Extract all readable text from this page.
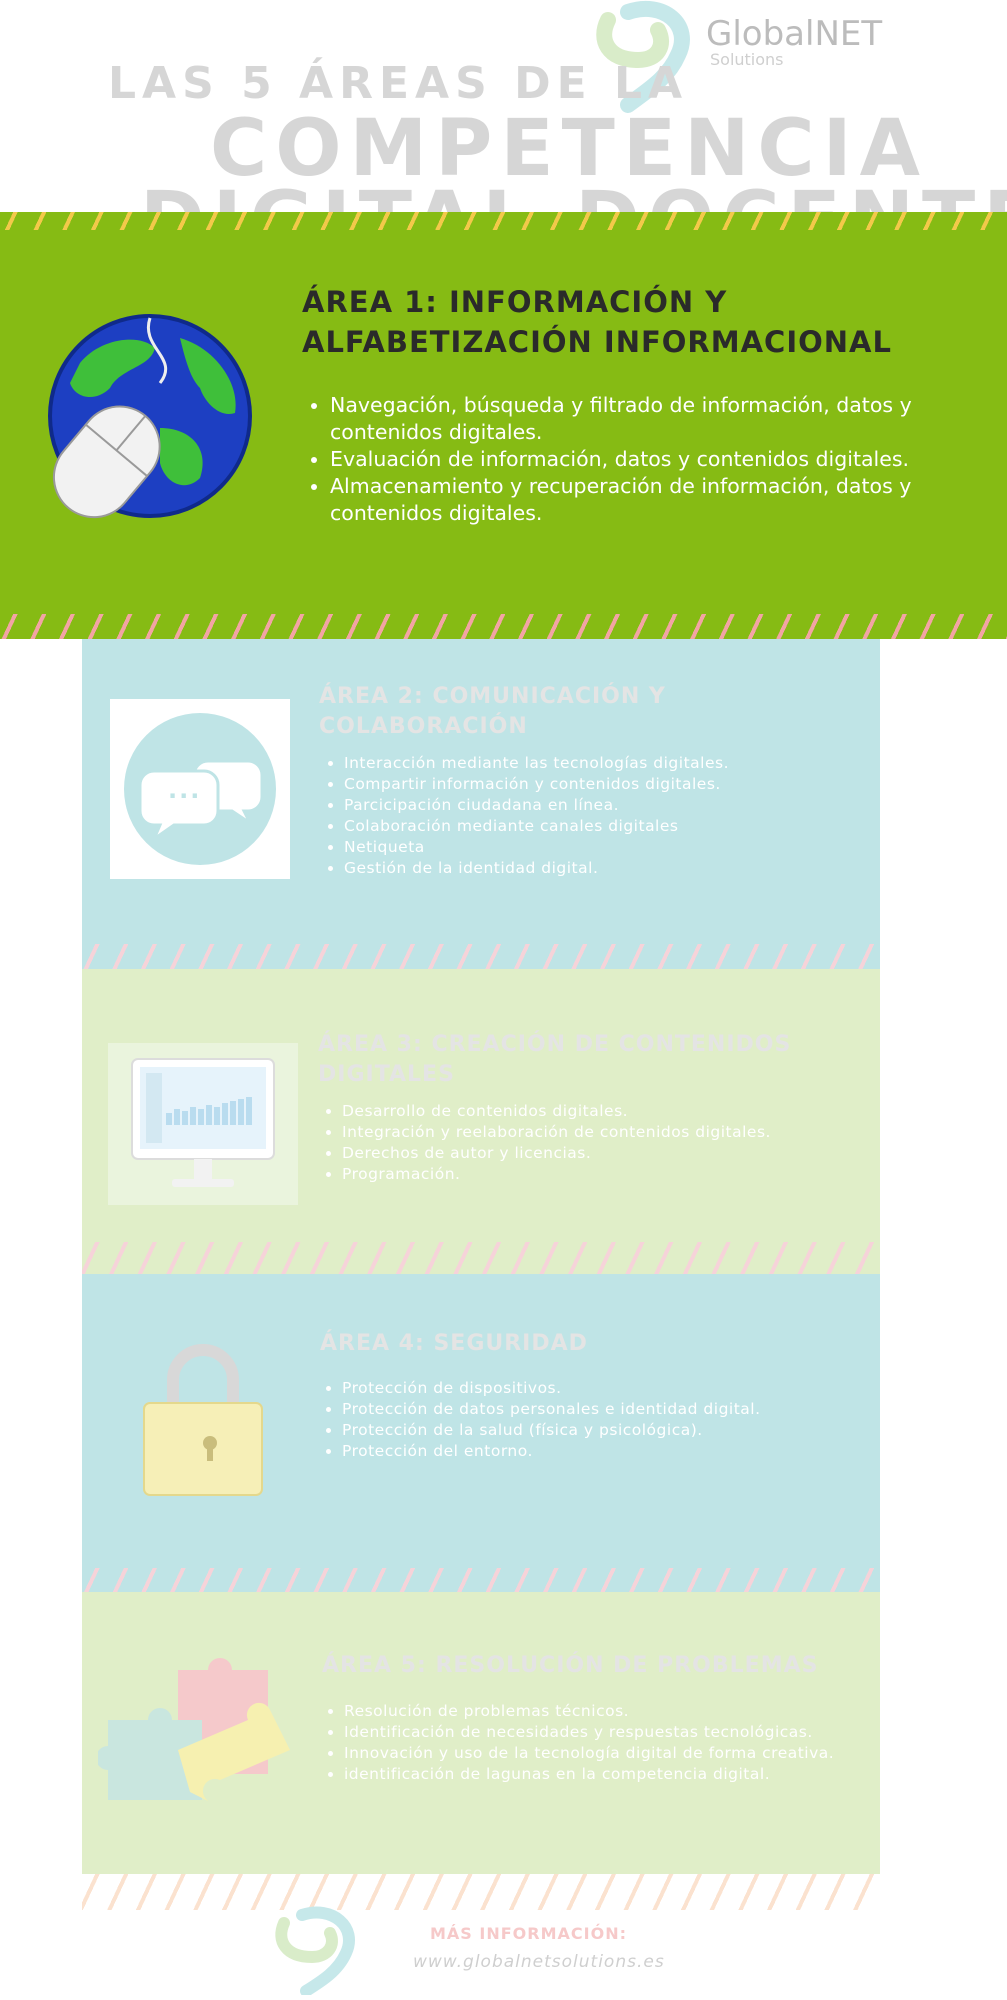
GlobalNET
Solutions
LAS 5 ÁREAS DE LA
COMPETENCIA
ÁREA 1: INFORMACIÓN Y ALFABETIZACIÓN INFORMACIONAL
• Navegación, búsqueda y filtrado de información, datos y contenidos digitales.
• Evaluación de información, datos y contenidos digitales.
• Almacenamiento y recuperación de información, datos y contenidos digitales.
...
ÁREA 2: COMUNICACIÓN Y COLABORACIÓN
• Interacción mediante las tecnologías digitales.
• Compartir información y contenidos digitales.
• Parcicipación ciudadana en línea.
• Colaboración mediante canales digitales
• Netiqueta
• Gestión de la identidad digital.
ÁREA 3: CREACIÓN DE CONTENIDOS DIGITALES
• Desarrollo de contenidos digitales.
• Integración y reelaboración de contenidos digitales.
• Derechos de autor y licencias.
• Programación.
ÁREA 4: SEGURIDAD
• Protección de dispositivos.
• Protección de datos personales e identidad digital.
• Protección de la salud (física y psicológica).
• Protección del entorno.
ÁREA 5: RESOLUCIÓN DE PROBLEMAS
• Resolución de problemas técnicos.
• Identificación de necesidades y respuestas tecnológicas.
• Innovación y uso de la tecnología digital de forma creativa.
• identificación de lagunas en la competencia digital.
MÁS INFORMACIÓN:
www.globalnetsolutions.es
